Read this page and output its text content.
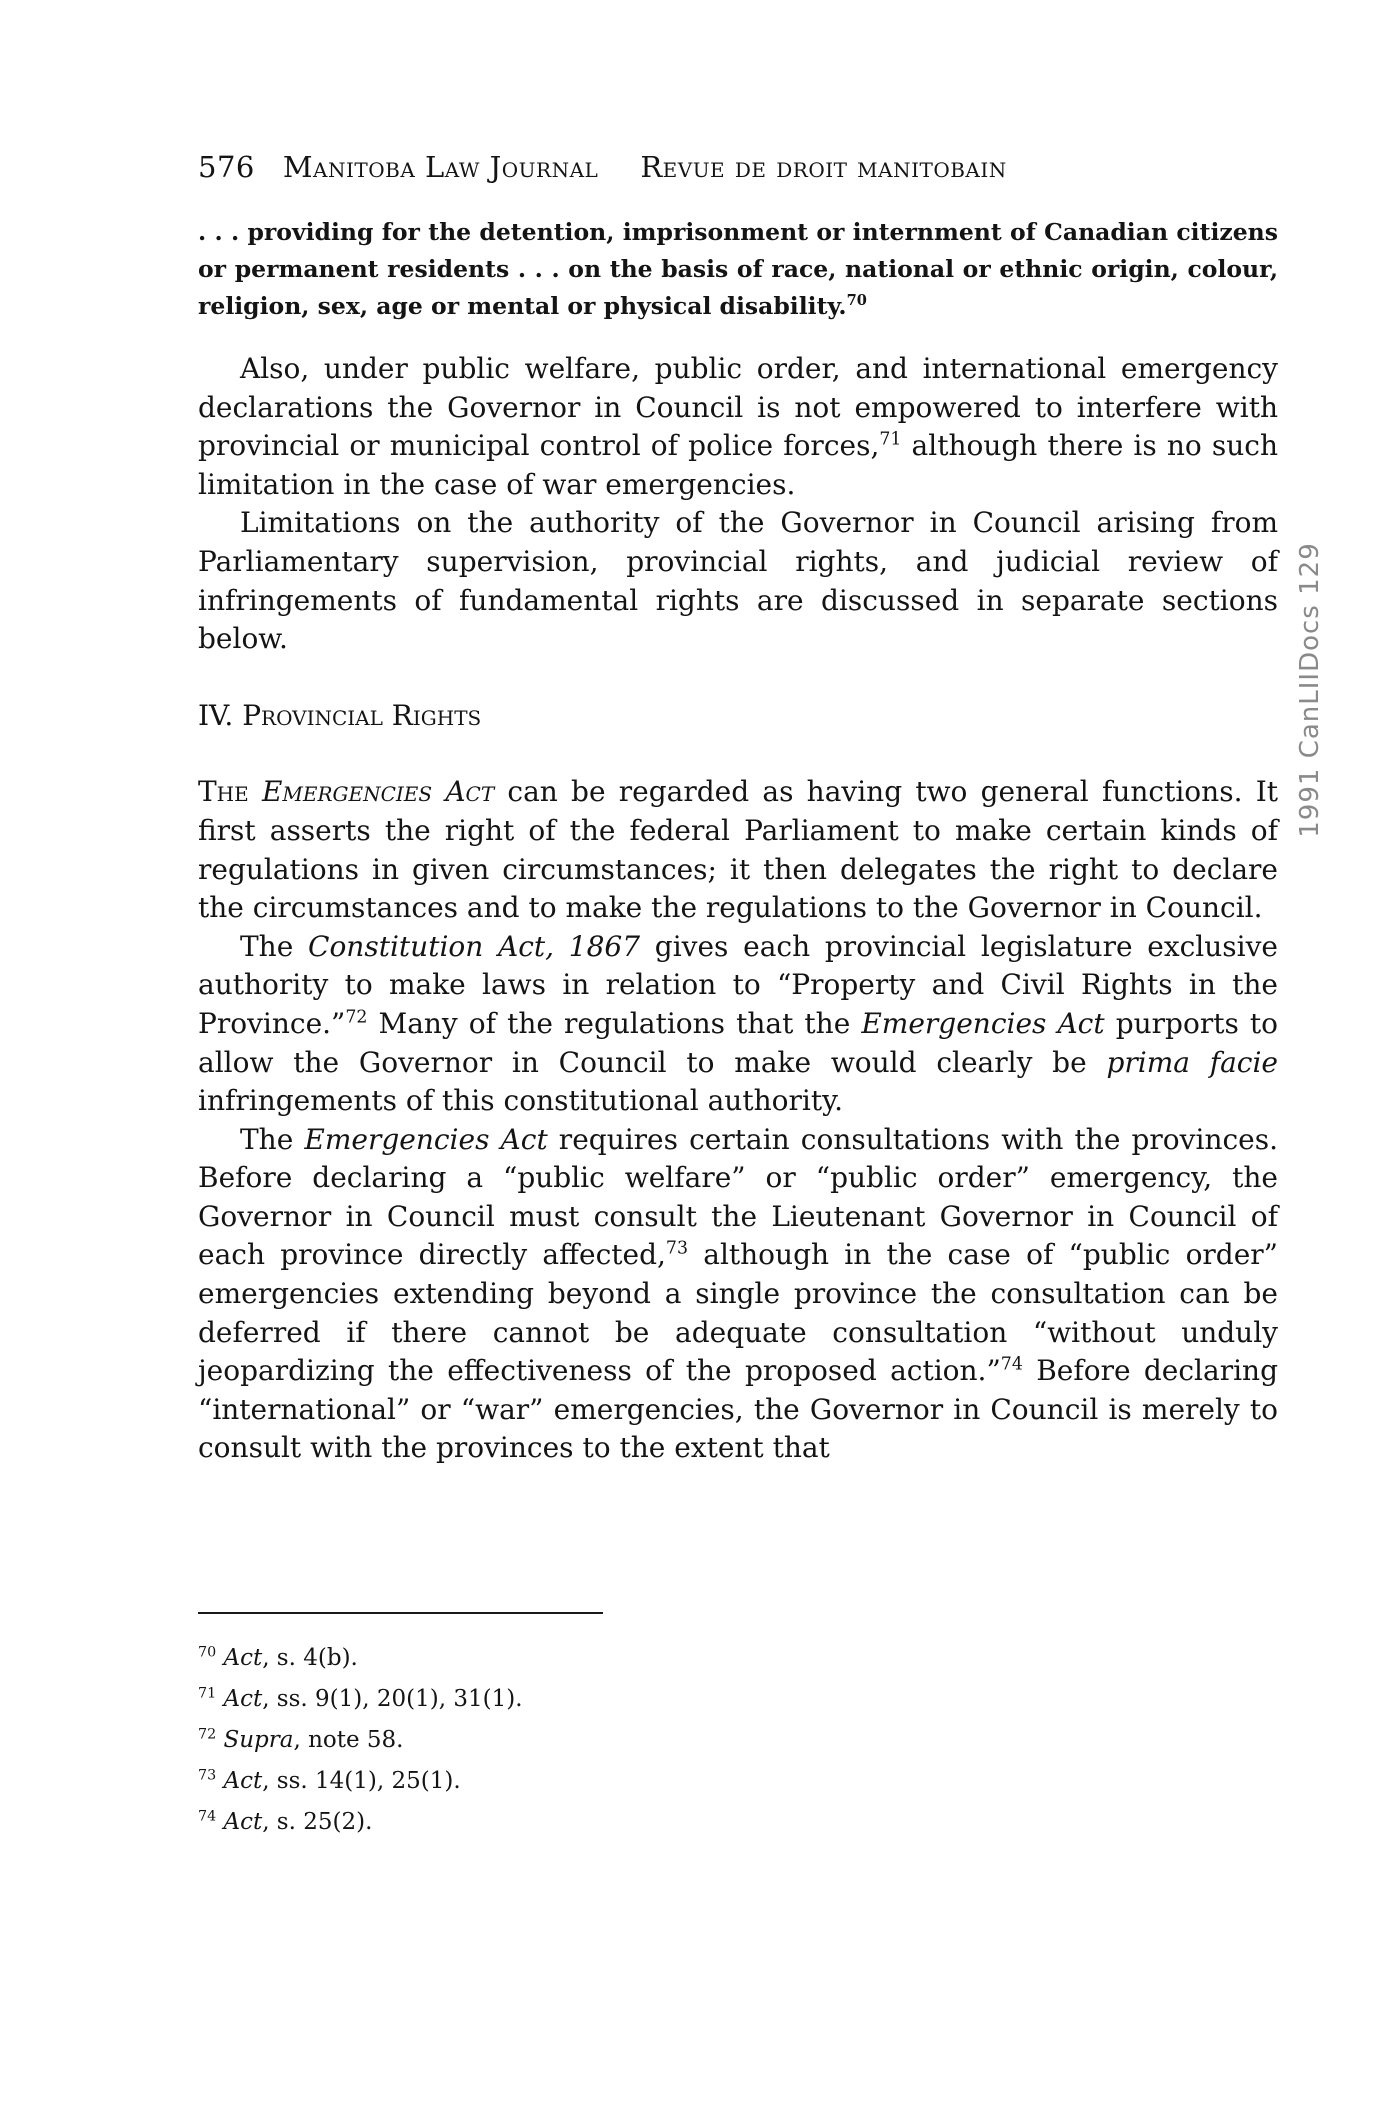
576 Manitoba Law Journal Revue de droit manitobain
. . . providing for the detention, imprisonment or internment of Canadian citizens or permanent residents . . . on the basis of race, national or ethnic origin, colour, religion, sex, age or mental or physical disability.$^{70}$

Also, under public welfare, public order, and international emergency declarations the Governor in Council is not empowered to interfere with provincial or municipal control of police forces,$^{71}$ although there is no such limitation in the case of war emergencies.

Limitations on the authority of the Governor in Council arising from Parliamentary supervision, provincial rights, and judicial review of infringements of fundamental rights are discussed in separate sections below.

IV. Provincial Rights

The Emergencies Act can be regarded as having two general functions. It first asserts the right of the federal Parliament to make certain kinds of regulations in given circumstances; it then delegates the right to declare the circumstances and to make the regulations to the Governor in Council.

The Constitution Act, 1867 gives each provincial legislature exclusive authority to make laws in relation to “Property and Civil Rights in the Province.”$^{72}$ Many of the regulations that the Emergencies Act purports to allow the Governor in Council to make would clearly be prima facie infringements of this constitutional authority.

The Emergencies Act requires certain consultations with the provinces. Before declaring a “public welfare” or “public order” emergency, the Governor in Council must consult the Lieutenant Governor in Council of each province directly affected,$^{73}$ although in the case of “public order” emergencies extending beyond a single province the consultation can be deferred if there cannot be adequate consultation “without unduly jeopardizing the effectiveness of the proposed action.”$^{74}$ Before declaring “international” or “war” emergencies, the Governor in Council is merely to consult with the provinces to the extent that

1991 CanLIIDocs 129
$^{70}$ Act, s. 4(b).
$^{71}$ Act, ss. 9(1), 20(1), 31(1).
$^{72}$ Supra, note 58.
$^{73}$ Act, ss. 14(1), 25(1).
$^{74}$ Act, s. 25(2).
